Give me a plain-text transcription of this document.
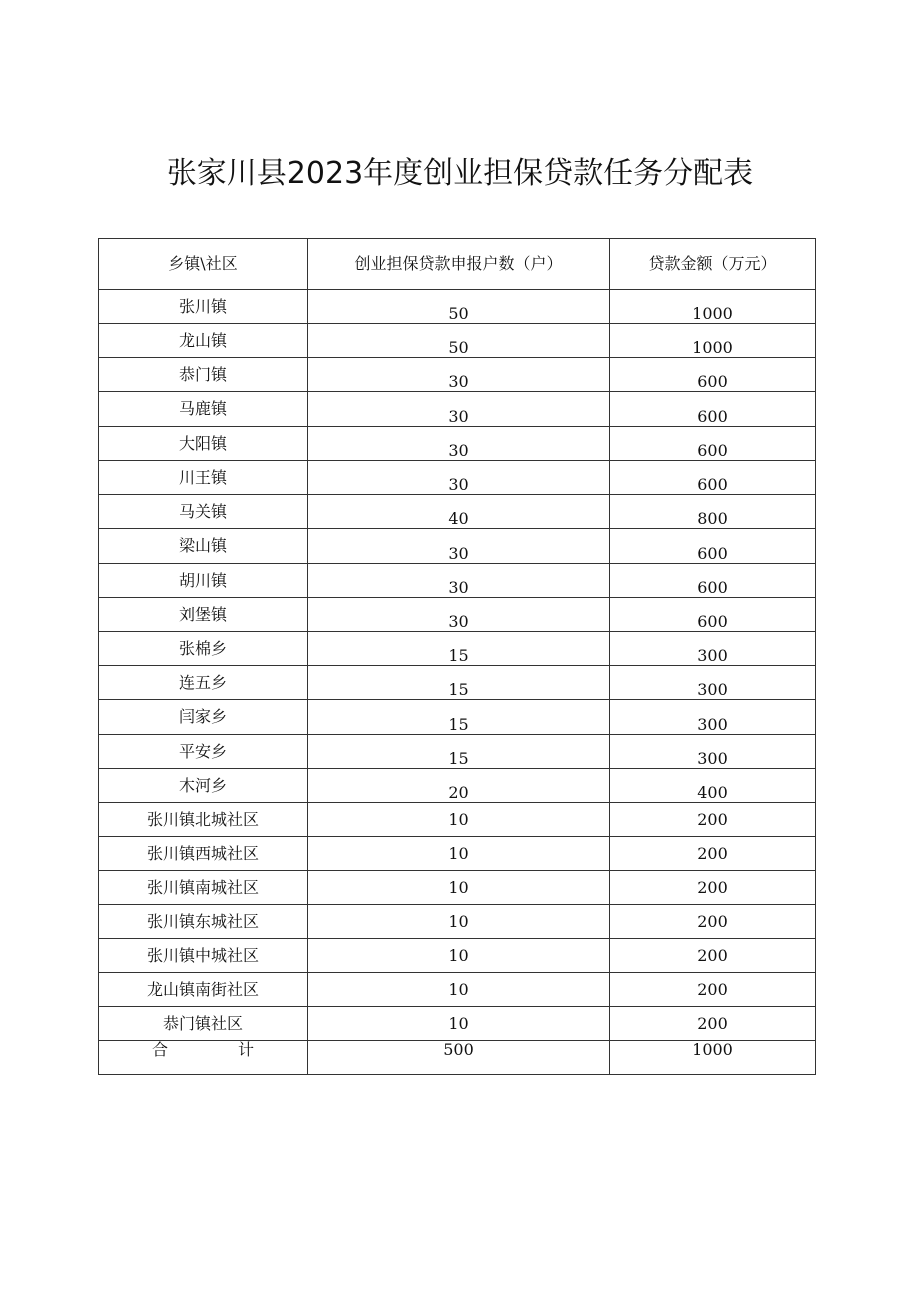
张家川县2023年度创业担保贷款任务分配表
乡镇\社区	创业担保贷款申报户数（户）	贷款金额（万元）
张川镇	50	1000
龙山镇	50	1000
恭门镇	30	600
马鹿镇	30	600
大阳镇	30	600
川王镇	30	600
马关镇	40	800
梁山镇	30	600
胡川镇	30	600
刘堡镇	30	600
张棉乡	15	300
连五乡	15	300
闫家乡	15	300
平安乡	15	300
木河乡	20	400
张川镇北城社区	10	200
张川镇西城社区	10	200
张川镇南城社区	10	200
张川镇东城社区	10	200
张川镇中城社区	10	200
龙山镇南街社区	10	200
恭门镇社区	10	200
合 计	500	1000
